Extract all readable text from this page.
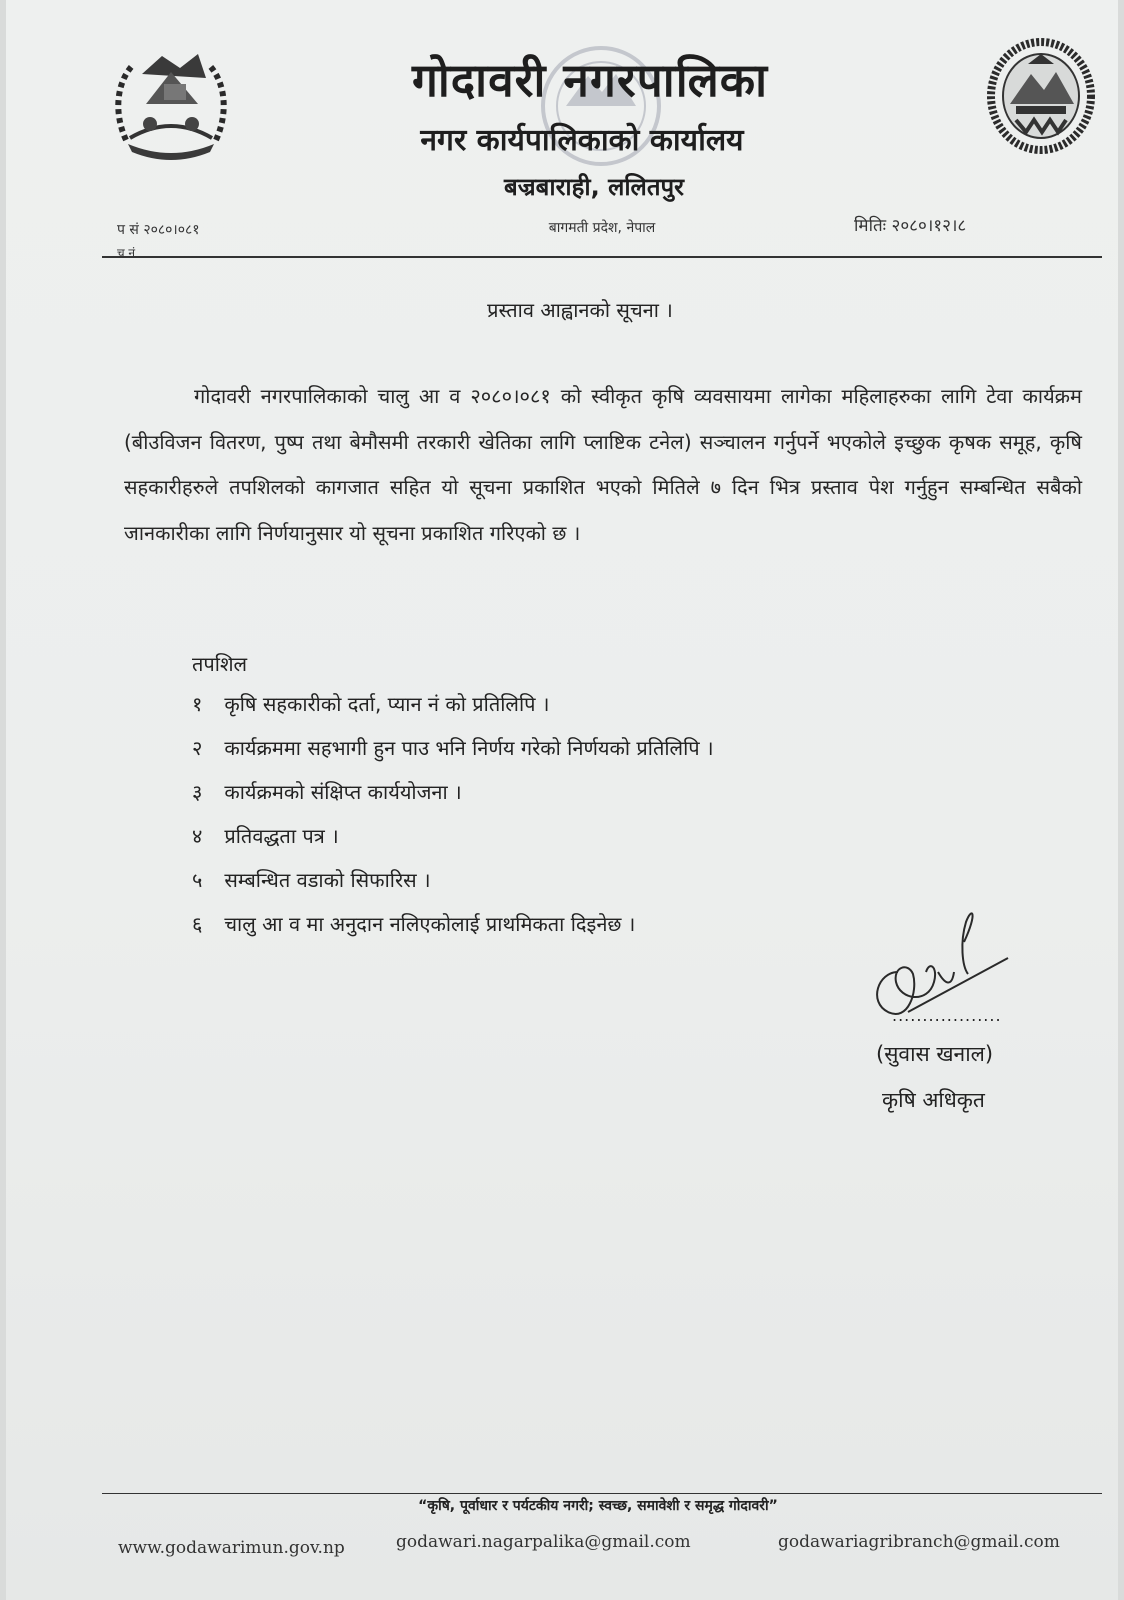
गोदावरी नगरपालिका
नगर कार्यपालिकाको कार्यालय
बज्रबाराही, ललितपुर
प सं २०८०।०८१
च नं
बागमती प्रदेश, नेपाल	मितिः २०८०।१२।८
प्रस्ताव आह्वानको सूचना ।
गोदावरी नगरपालिकाको चालु आ व २०८०।०८१ को स्वीकृत कृषि व्यवसायमा लागेका महिलाहरुका लागि टेवा कार्यक्रम (बीउविजन वितरण, पुष्प तथा बेमौसमी तरकारी खेतिका लागि प्लाष्टिक टनेल) सञ्चालन गर्नुपर्ने भएकोले इच्छुक कृषक समूह, कृषि सहकारीहरुले तपशिलको कागजात सहित यो सूचना प्रकाशित भएको मितिले ७ दिन भित्र प्रस्ताव पेश गर्नुहुन सम्बन्धित सबैको जानकारीका लागि निर्णयानुसार यो सूचना प्रकाशित गरिएको छ ।
तपशिल
१ कृषि सहकारीको दर्ता, प्यान नं को प्रतिलिपि ।
२ कार्यक्रममा सहभागी हुन पाउ भनि निर्णय गरेको निर्णयको प्रतिलिपि ।
३ कार्यक्रमको संक्षिप्त कार्ययोजना ।
४ प्रतिवद्धता पत्र ।
५ सम्बन्धित वडाको सिफारिस ।
६ चालु आ व मा अनुदान नलिएकोलाई प्राथमिकता दिइनेछ ।
..................
(सुवास खनाल)
कृषि अधिकृत
“कृषि, पूर्वाधार र पर्यटकीय नगरी; स्वच्छ, समावेशी र समृद्ध गोदावरी”
www.godawarimun.gov.np	godawari.nagarpalika@gmail.com	godawariagribranch@gmail.com
